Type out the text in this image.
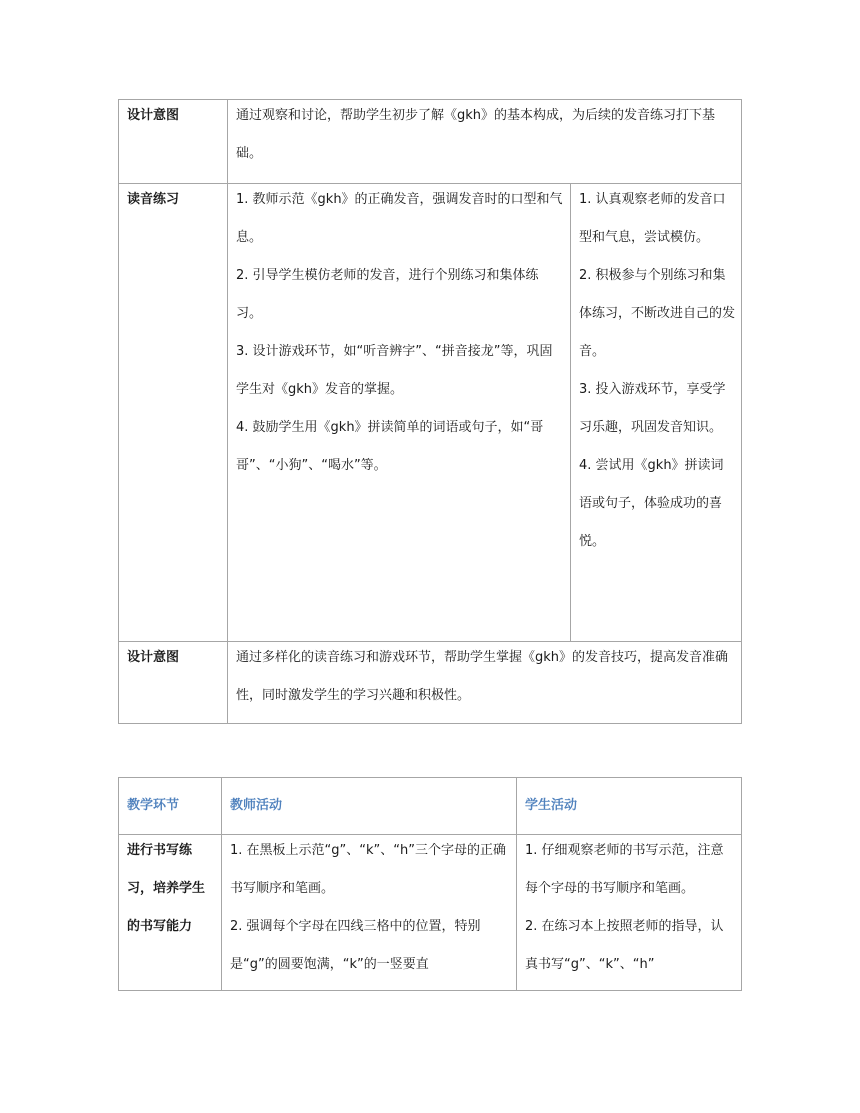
设计意图	通过观察和讨论，帮助学生初步了解《gkh》的基本构成，为后续的发音练习打下基础。	

读音练习	1. 教师示范《gkh》的正确发音，强调发音时的口型和气息。
2. 引导学生模仿老师的发音，进行个别练习和集体练习。
3. 设计游戏环节，如“听音辨字”、“拼音接龙”等，巩固学生对《gkh》发音的掌握。
4. 鼓励学生用《gkh》拼读简单的词语或句子，如“哥哥”、“小狗”、“喝水”等。	1. 认真观察老师的发音口型和气息，尝试模仿。
2. 积极参与个别练习和集体练习，不断改进自己的发音。
3. 投入游戏环节，享受学习乐趣，巩固发音知识。
4. 尝试用《gkh》拼读词语或句子，体验成功的喜悦。

设计意图	通过多样化的读音练习和游戏环节，帮助学生掌握《gkh》的发音技巧，提高发音准确性，同时激发学生的学习兴趣和积极性。	
教学环节	教师活动	学生活动

进行书写练习，培养学生的书写能力	1. 在黑板上示范“g”、“k”、“h”三个字母的正确书写顺序和笔画。
2. 强调每个字母在四线三格中的位置，特别是“g”的圆要饱满，“k”的一竖要直	1. 仔细观察老师的书写示范，注意每个字母的书写顺序和笔画。
2. 在练习本上按照老师的指导，认真书写“g”、“k”、“h”
